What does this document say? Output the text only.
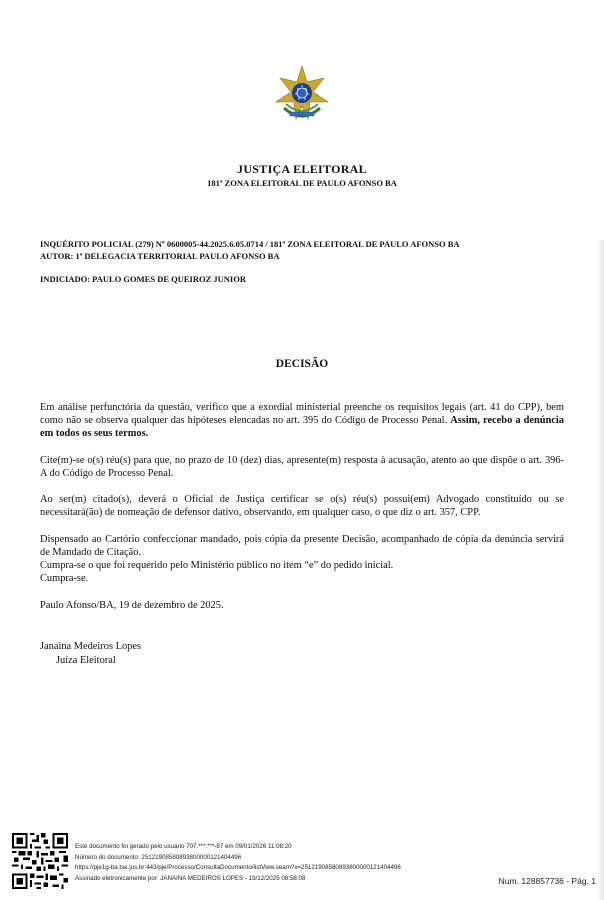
JUSTIÇA ELEITORAL
181ª ZONA ELEITORAL DE PAULO AFONSO BA
INQUÉRITO POLICIAL (279) Nº 0600005-44.2025.6.05.0714 / 181ª ZONA ELEITORAL DE PAULO AFONSO BA
AUTOR: 1ª DELEGACIA TERRITORIAL PAULO AFONSO BA
INDICIADO: PAULO GOMES DE QUEIROZ JUNIOR
DECISÃO
Em análise perfunctória da questão, verifico que a exordial ministerial preenche os requisitos legais (art. 41 do CPP), bem como não se observa qualquer das hipóteses elencadas no art. 395 do Código de Processo Penal. Assim, recebo a denúncia em todos os seus termos.
Cite(m)-se o(s) réu(s) para que, no prazo de 10 (dez) dias, apresente(m) resposta à acusação, atento ao que dispõe o art. 396-A do Código de Processo Penal.
Ao ser(m) citado(s), deverá o Oficial de Justiça certificar se o(s) réu(s) possui(em) Advogado constituído ou se necessitará(ão) de nomeação de defensor dativo, observando, em qualquer caso, o que diz o art. 357, CPP.
Dispensado ao Cartório confeccionar mandado, pois cópia da presente Decisão, acompanhado de cópia da denúncia servirá de Mandado de Citação.
Cumpra-se o que foi requerido pelo Ministério público no item “e” do pedido inicial.
Cumpra-se.
Paulo Afonso/BA, 19 de dezembro de 2025.
Janaina Medeiros Lopes
Juíza Eleitoral
Este documento foi gerado pelo usuário 707.***.***-87 em 09/01/2026 11:08:20
Número do documento: 25121908580893800000121404496
https://pje1g-ba.tse.jus.br:443/pje/Processo/ConsultaDocumento/listView.seam?x=25121908580893800000121404496
Assinado eletronicamente por: JANAINA MEDEIROS LOPES - 19/12/2025 08:58:08	Num. 128857736 - Pág. 1
